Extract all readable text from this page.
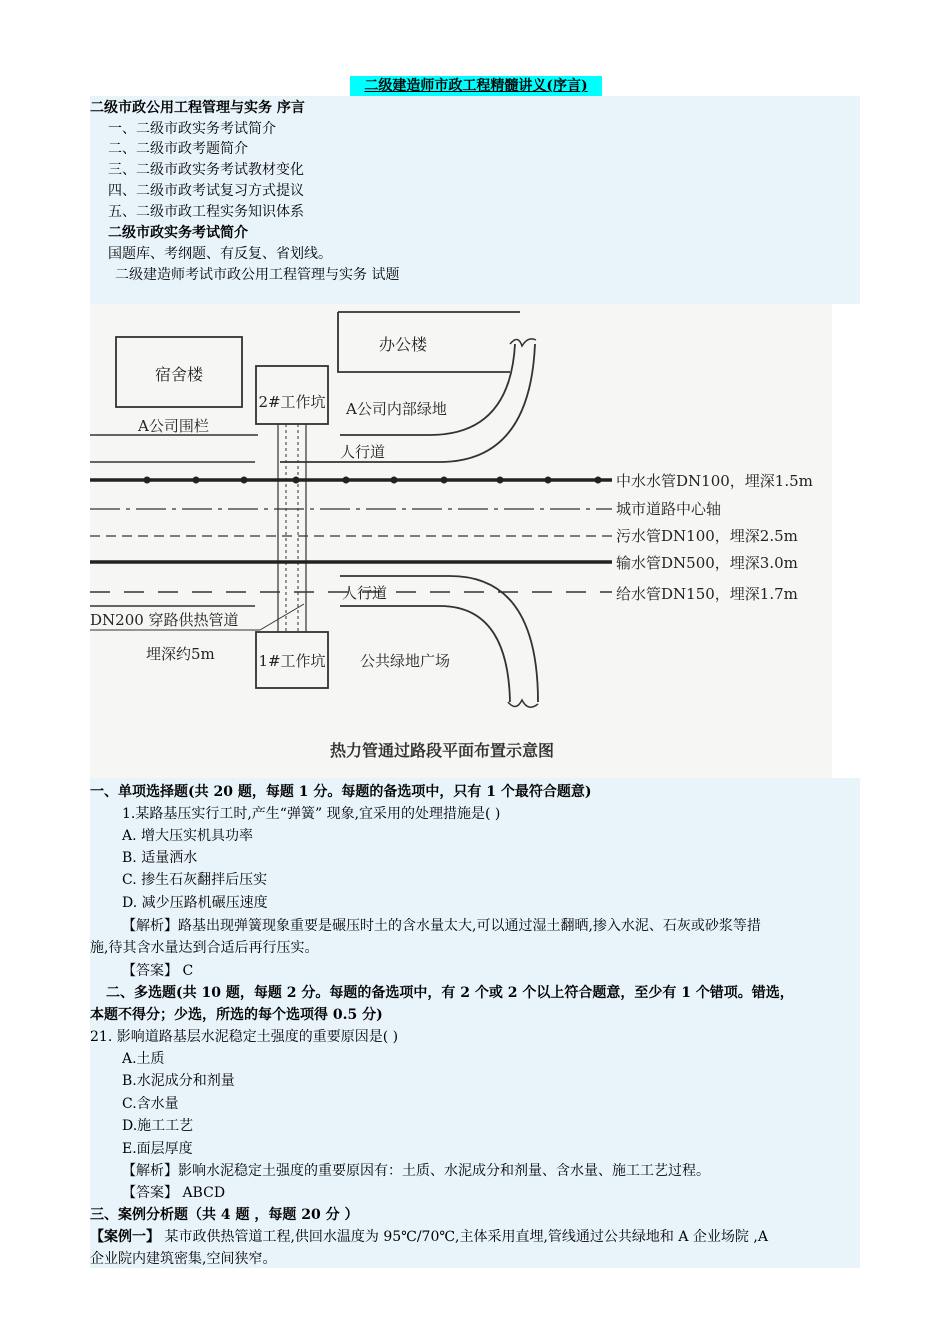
二级建造师市政工程精髓讲义(序言)
二级市政公用工程管理与实务 序言
一、二级市政实务考试简介
二、二级市政考题简介
三、二级市政实务考试教材变化
四、二级市政考试复习方式提议
五、二级市政工程实务知识体系
二级市政实务考试简介
国题库、考纲题、有反复、省划线。
二级建造师考试市政公用工程管理与实务 试题
宿舍楼
办公楼
A公司围栏
人行道
2#工作坑 A公司内部绿地
中水水管DN100，埋深1.5m
城市道路中心轴
污水管DN100，埋深2.5m
输水管DN500，埋深3.0m
给水管DN150，埋深1.7m
人行道
DN200 穿路供热管道
埋深约5m	1#工作坑 公共绿地广场
热力管通过路段平面布置示意图
一、单项选择题(共 20 题，每题 1 分。每题的备选项中，只有 1 个最符合题意)
1.某路基压实行工时,产生“弹簧” 现象,宜采用的处理措施是( )
A. 增大压实机具功率
B. 适量洒水
C. 掺生石灰翻拌后压实
D. 减少压路机碾压速度
【解析】路基出现弹簧现象重要是碾压时土的含水量太大,可以通过湿土翻晒,掺入水泥、石灰或砂浆等措
施,待其含水量达到合适后再行压实。
【答案】 C
二、多选题(共 10 题，每题 2 分。每题的备选项中，有 2 个或 2 个以上符合题意，至少有 1 个错项。错选，
本题不得分；少选，所选的每个选项得 0.5 分)
21. 影响道路基层水泥稳定土强度的重要原因是( )
A.土质
B.水泥成分和剂量
C.含水量
D.施工工艺
E.面层厚度
【解析】影响水泥稳定土强度的重要原因有：土质、水泥成分和剂量、含水量、施工工艺过程。
【答案】 ABCD
三、案例分析题（共 4 题 ，每题 20 分 ）
【案例一】 某市政供热管道工程,供回水温度为 95℃/70℃,主体采用直埋,管线通过公共绿地和 A 企业场院 ,A
企业院内建筑密集,空间狭窄。
